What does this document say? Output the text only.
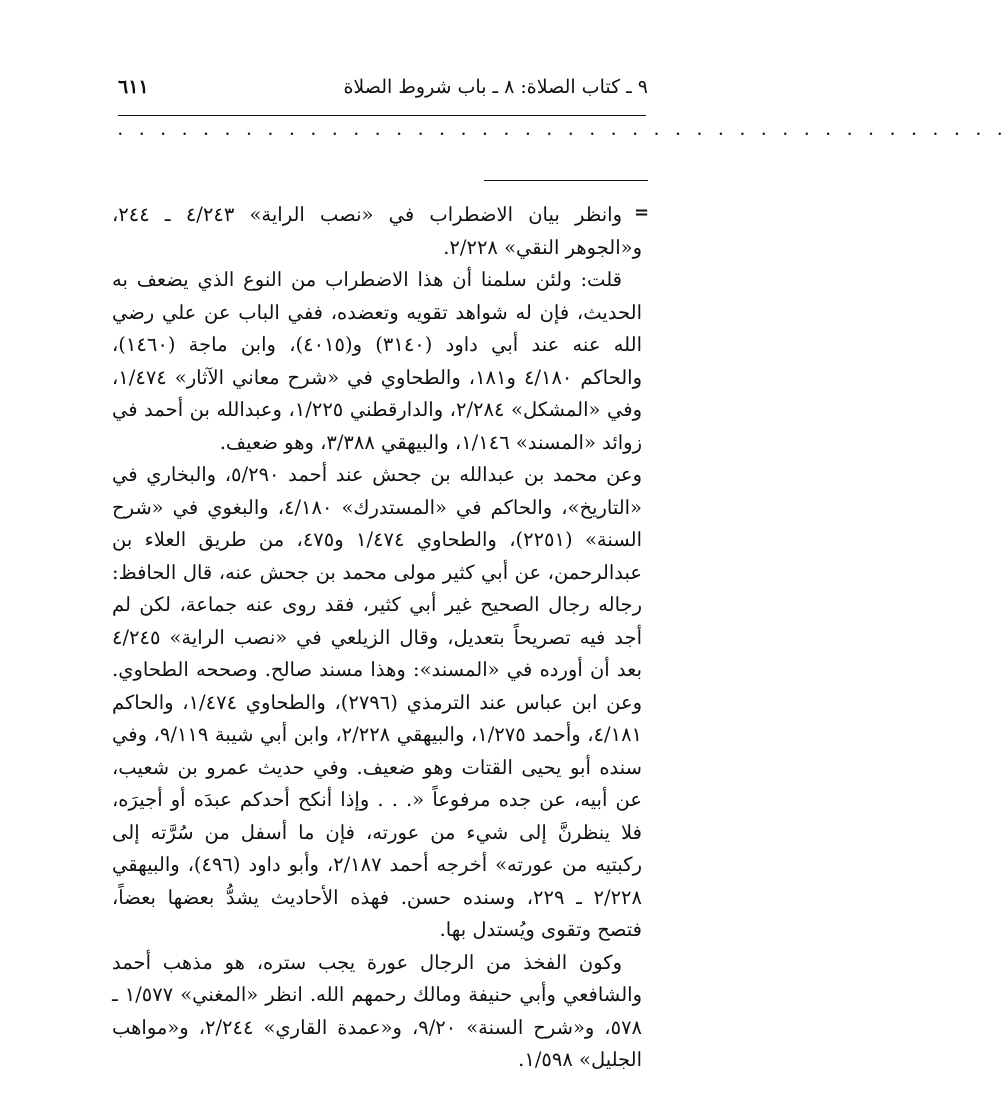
٦١١	٩ ـ كتاب الصلاة: ٨ ـ باب شروط الصلاة
. . . . . . . . . . . . . . . . . . . . . . . . . . . . . . . . . . . . . . . . . .
=

وانظر بيان الاضطراب في «نصب الراية» ٤/٢٤٣ ـ ٢٤٤، و«الجوهر النقي» ٢/٢٢٨.

قلت: ولئن سلمنا أن هذا الاضطراب من النوع الذي يضعف به الحديث، فإن له شواهد تقويه وتعضده، ففي الباب عن علي رضي الله عنه عند أبي داود (٣١٤٠) و(٤٠١٥)، وابن ماجة (١٤٦٠)، والحاكم ٤/١٨٠ و١٨١، والطحاوي في «شرح معاني الآثار» ١/٤٧٤، وفي «المشكل» ٢/٢٨٤، والدارقطني ١/٢٢٥، وعبدالله بن أحمد في زوائد «المسند» ١/١٤٦، والبيهقي ٣/٣٨٨، وهو ضعيف.

وعن محمد بن عبدالله بن جحش عند أحمد ٥/٢٩٠، والبخاري في «التاريخ»، والحاكم في «المستدرك» ٤/١٨٠، والبغوي في «شرح السنة» (٢٢٥١)، والطحاوي ١/٤٧٤ و٤٧٥، من طريق العلاء بن عبدالرحمن، عن أبي كثير مولى محمد بن جحش عنه، قال الحافظ: رجاله رجال الصحيح غير أبي كثير، فقد روى عنه جماعة، لكن لم أجد فيه تصريحاً بتعديل، وقال الزيلعي في «نصب الراية» ٤/٢٤٥ بعد أن أورده في «المسند»: وهذا مسند صالح. وصححه الطحاوي. وعن ابن عباس عند الترمذي (٢٧٩٦)، والطحاوي ١/٤٧٤، والحاكم ٤/١٨١، وأحمد ١/٢٧٥، والبيهقي ٢/٢٢٨، وابن أبي شيبة ٩/١١٩، وفي سنده أبو يحيى القتات وهو ضعيف. وفي حديث عمرو بن شعيب، عن أبيه، عن جده مرفوعاً «. . . وإذا أنكح أحدكم عبدَه أو أجيرَه، فلا ينظرنَّ إلى شيء من عورته، فإن ما أسفل من سُرَّته إلى ركبتيه من عورته» أخرجه أحمد ٢/١٨٧، وأبو داود (٤٩٦)، والبيهقي ٢/٢٢٨ ـ ٢٢٩، وسنده حسن. فهذه الأحاديث يشدُّ بعضها بعضاً، فتصح وتقوى ويُستدل بها.

وكون الفخذ من الرجال عورة يجب ستره، هو مذهب أحمد والشافعي وأبي حنيفة ومالك رحمهم الله. انظر «المغني» ١/٥٧٧ ـ ٥٧٨، و«شرح السنة» ٩/٢٠، و«عمدة القاري» ٢/٢٤٤، و«مواهب الجليل» ١/٥٩٨.
